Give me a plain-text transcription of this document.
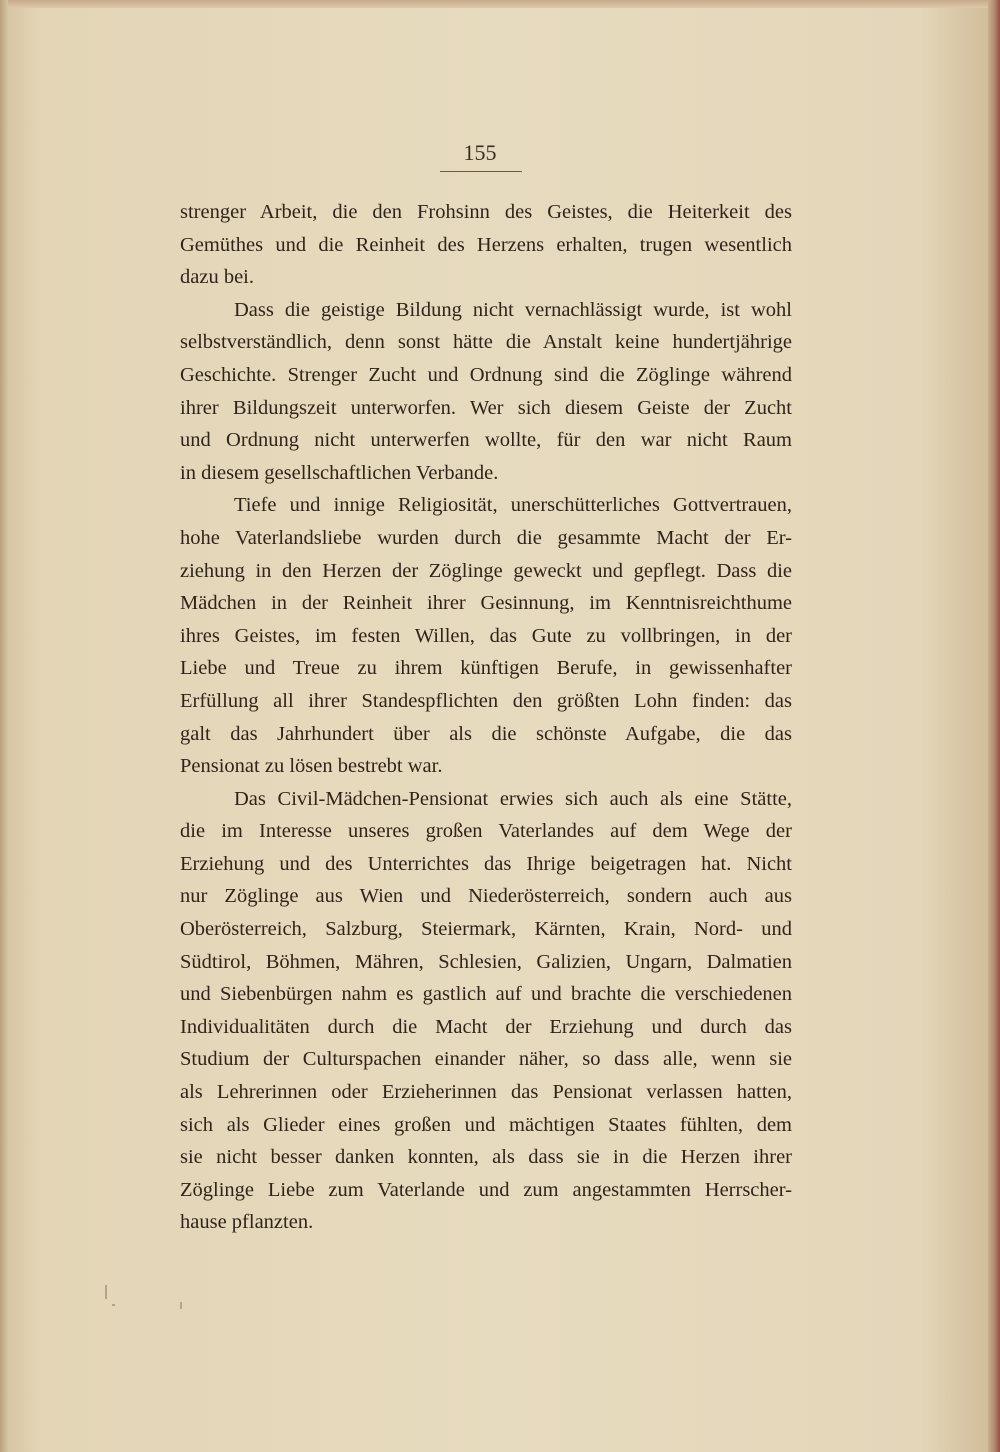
155
strenger Arbeit, die den Frohsinn des Geistes, die Heiterkeit des
Gemüthes und die Reinheit des Herzens erhalten, trugen wesentlich
dazu bei.
Dass die geistige Bildung nicht vernachlässigt wurde, ist wohl
selbstverständlich, denn sonst hätte die Anstalt keine hundertjährige
Geschichte. Strenger Zucht und Ordnung sind die Zöglinge während
ihrer Bildungszeit unterworfen. Wer sich diesem Geiste der Zucht
und Ordnung nicht unterwerfen wollte, für den war nicht Raum
in diesem gesellschaftlichen Verbande.
Tiefe und innige Religiosität, unerschütterliches Gottvertrauen,
hohe Vaterlandsliebe wurden durch die gesammte Macht der Er-
ziehung in den Herzen der Zöglinge geweckt und gepflegt. Dass die
Mädchen in der Reinheit ihrer Gesinnung, im Kenntnisreichthume
ihres Geistes, im festen Willen, das Gute zu vollbringen, in der
Liebe und Treue zu ihrem künftigen Berufe, in gewissenhafter
Erfüllung all ihrer Standespflichten den größten Lohn finden: das
galt das Jahrhundert über als die schönste Aufgabe, die das
Pensionat zu lösen bestrebt war.
Das Civil-Mädchen-Pensionat erwies sich auch als eine Stätte,
die im Interesse unseres großen Vaterlandes auf dem Wege der
Erziehung und des Unterrichtes das Ihrige beigetragen hat. Nicht
nur Zöglinge aus Wien und Niederösterreich, sondern auch aus
Oberösterreich, Salzburg, Steiermark, Kärnten, Krain, Nord- und
Südtirol, Böhmen, Mähren, Schlesien, Galizien, Ungarn, Dalmatien
und Siebenbürgen nahm es gastlich auf und brachte die verschiedenen
Individualitäten durch die Macht der Erziehung und durch das
Studium der Culturspachen einander näher, so dass alle, wenn sie
als Lehrerinnen oder Erzieherinnen das Pensionat verlassen hatten,
sich als Glieder eines großen und mächtigen Staates fühlten, dem
sie nicht besser danken konnten, als dass sie in die Herzen ihrer
Zöglinge Liebe zum Vaterlande und zum angestammten Herrscher-
hause pflanzten.
